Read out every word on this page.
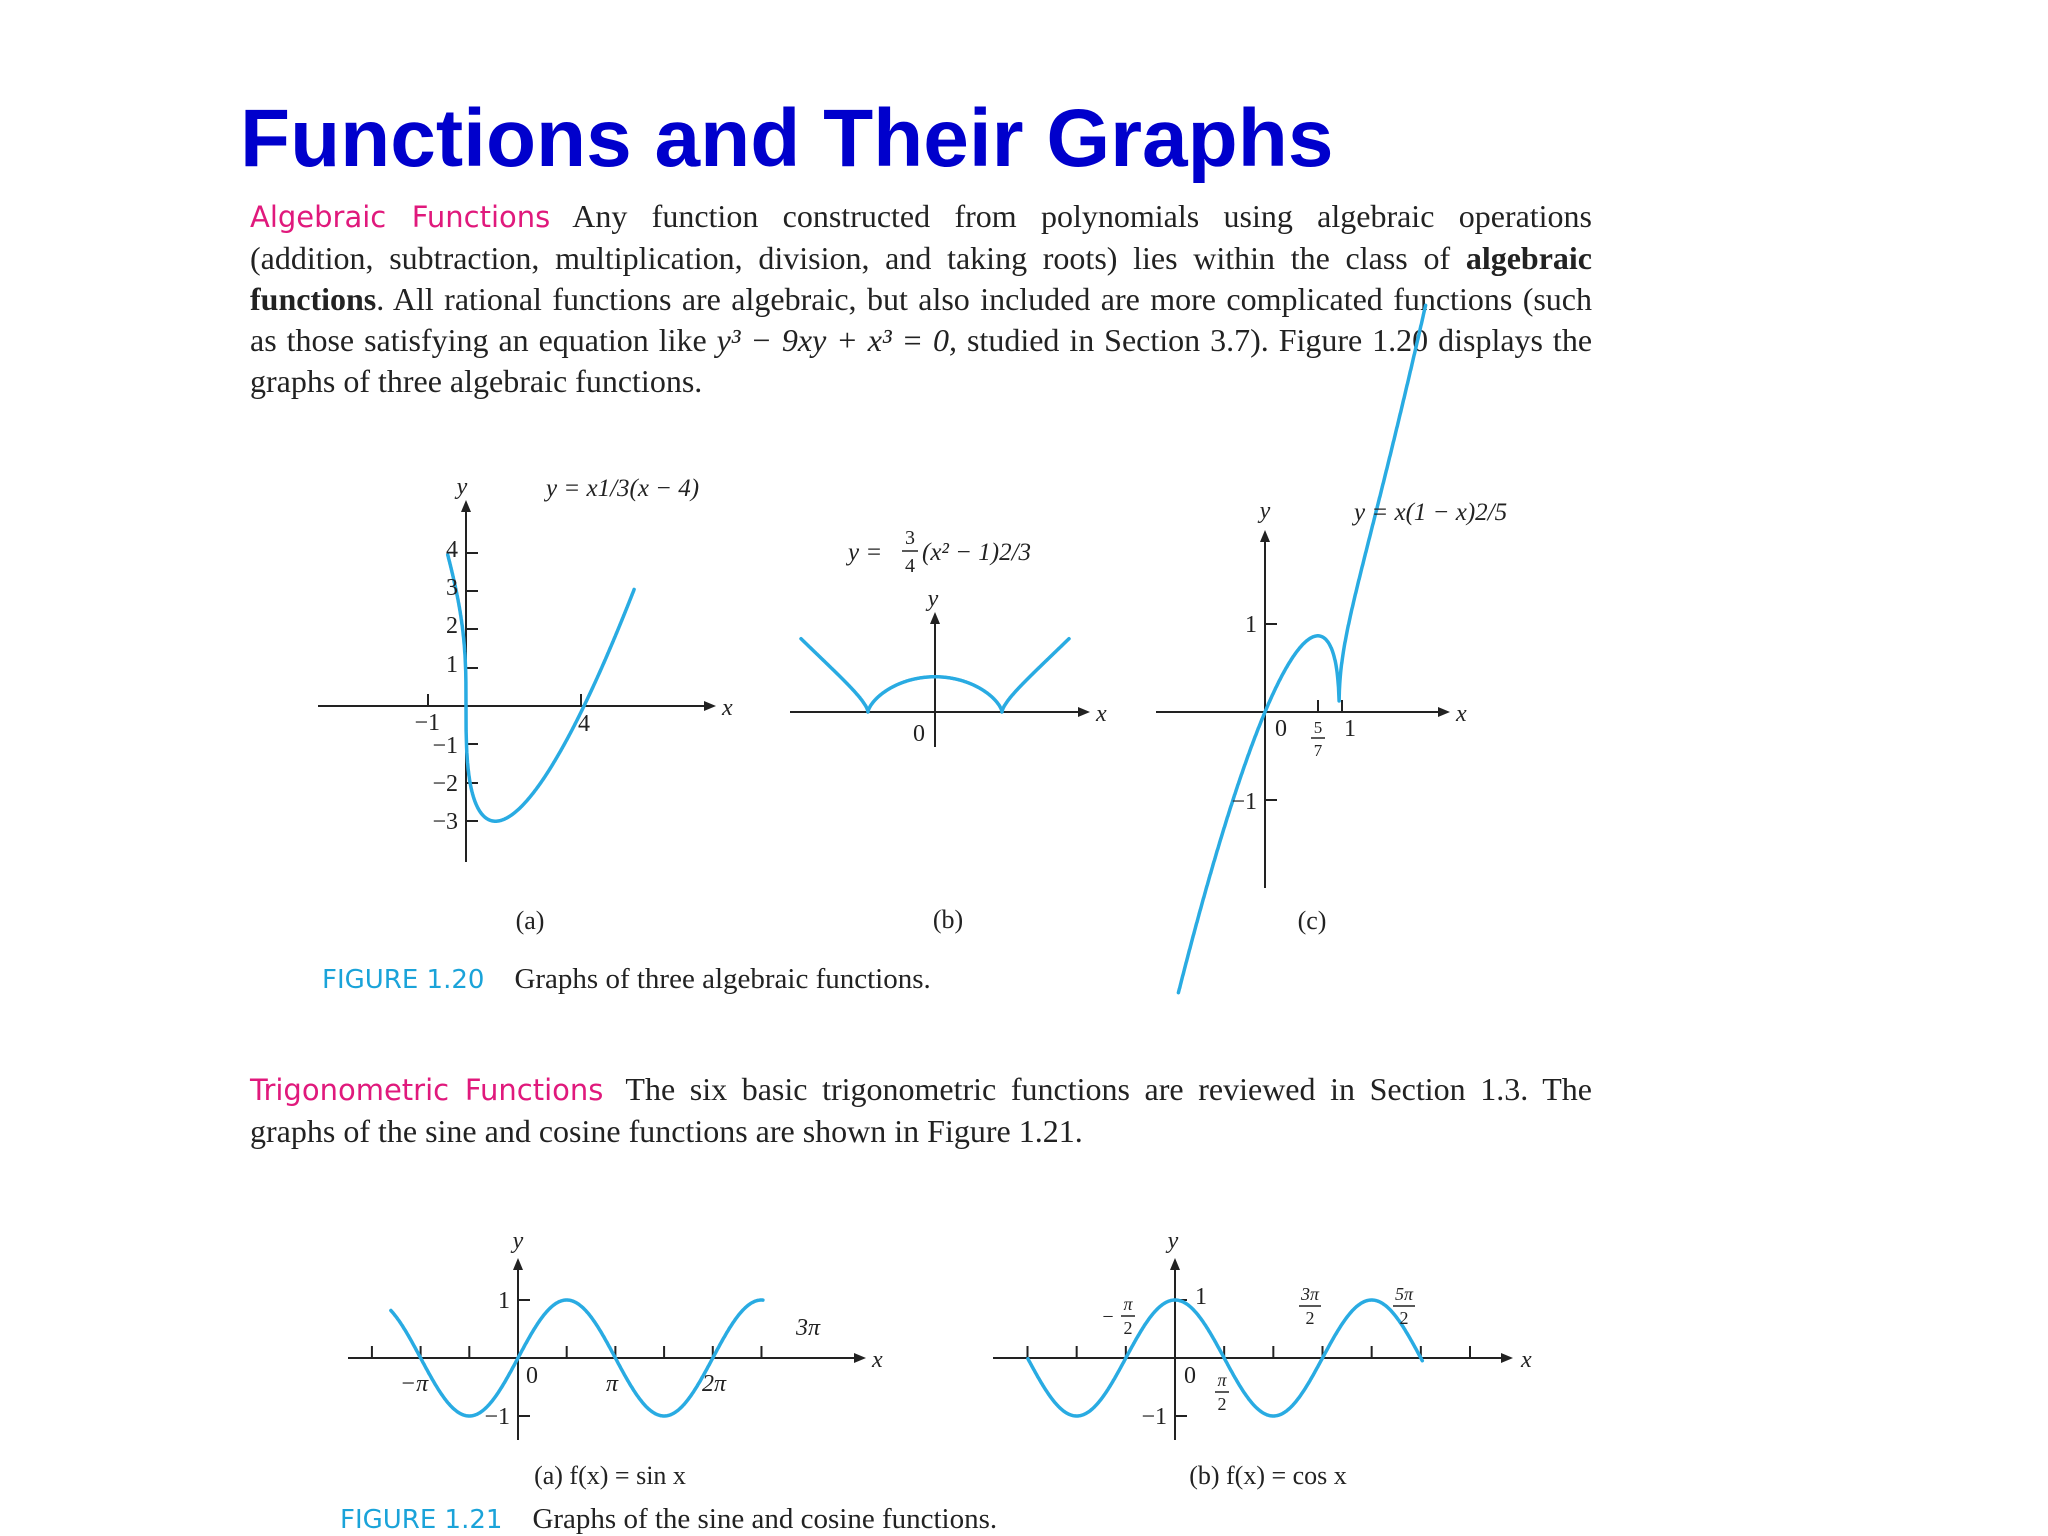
Functions and Their Graphs
Algebraic Functions Any function constructed from polynomials using algebraic operations (addition, subtraction, multiplication, division, and taking roots) lies within the class of algebraic functions. All rational functions are algebraic, but also included are more complicated functions (such as those satisfying an equation like y³ − 9xy + x³ = 0, studied in Section 3.7). Figure 1.20 displays the graphs of three algebraic functions.
Trigonometric Functions The six basic trigonometric functions are reviewed in Section 1.3. The graphs of the sine and cosine functions are shown in Figure 1.21.
4
3
2
1
−1
−2
−3
−1	4
x
y	y = x1/3(x − 4)
(a)
0
x
y
y =
3
4 (x² − 1)2/3
(b)
1
−1
0 5
7
1
x
y	y = x(1 − x)2/5
(c)
1
−1
−π	0	π	2π
3π
x
y
(a) f(x) = sin x
1
−1
−
π
2
0 π
2
3π
2
5π
2
x
y
(b) f(x) = cos x
FIGURE 1.20 Graphs of three algebraic functions.
FIGURE 1.21 Graphs of the sine and cosine functions.
